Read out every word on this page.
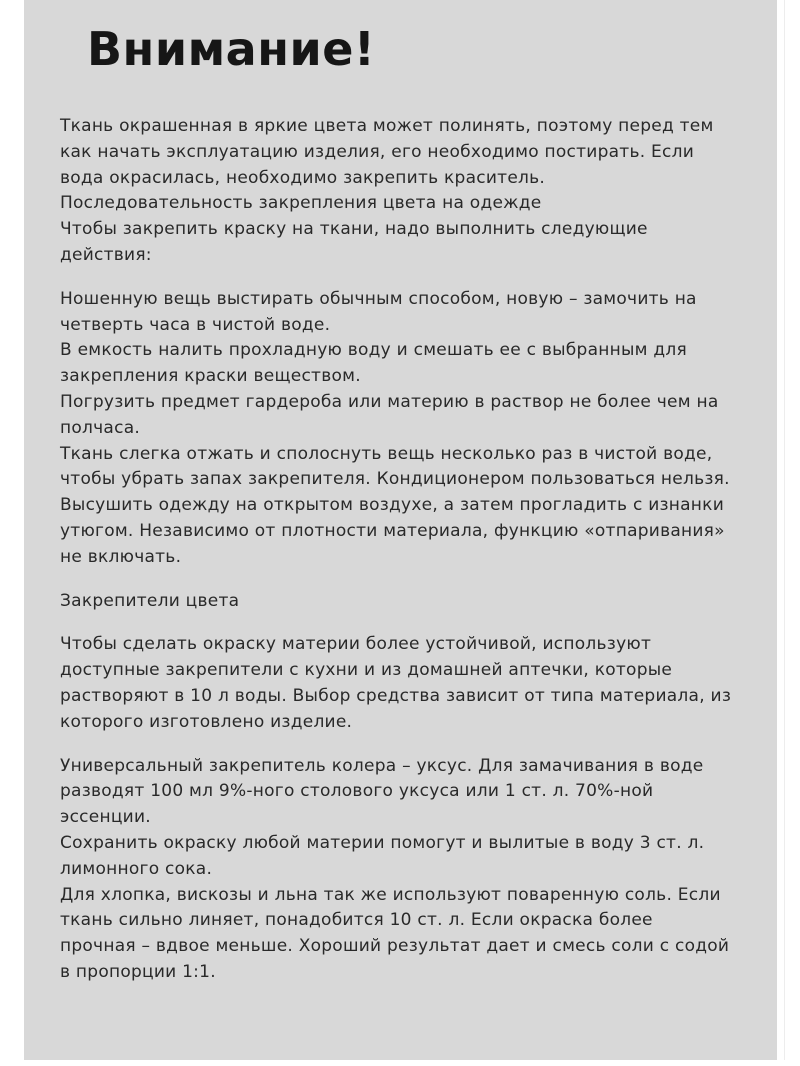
Внимание!
Ткань окрашенная в яркие цвета может полинять, поэтому перед тем
как начать эксплуатацию изделия, его необходимо постирать. Если
вода окрасилась, необходимо закрепить краситель.
Последовательность закрепления цвета на одежде
Чтобы закрепить краску на ткани, надо выполнить следующие
действия:
Ношенную вещь выстирать обычным способом, новую – замочить на
четверть часа в чистой воде.
В емкость налить прохладную воду и смешать ее с выбранным для
закрепления краски веществом.
Погрузить предмет гардероба или материю в раствор не более чем на
полчаса.
Ткань слегка отжать и сполоснуть вещь несколько раз в чистой воде,
чтобы убрать запах закрепителя. Кондиционером пользоваться нельзя.
Высушить одежду на открытом воздухе, а затем прогладить с изнанки
утюгом. Независимо от плотности материала, функцию «отпаривания»
не включать.
Закрепители цвета
Чтобы сделать окраску материи более устойчивой, используют
доступные закрепители с кухни и из домашней аптечки, которые
растворяют в 10 л воды. Выбор средства зависит от типа материала, из
которого изготовлено изделие.
Универсальный закрепитель колера – уксус. Для замачивания в воде
разводят 100 мл 9%-ного столового уксуса или 1 ст. л. 70%-ной
эссенции.
Сохранить окраску любой материи помогут и вылитые в воду 3 ст. л.
лимонного сока.
Для хлопка, вискозы и льна так же используют поваренную соль. Если
ткань сильно линяет, понадобится 10 ст. л. Если окраска более
прочная – вдвое меньше. Хороший результат дает и смесь соли с содой
в пропорции 1:1.
